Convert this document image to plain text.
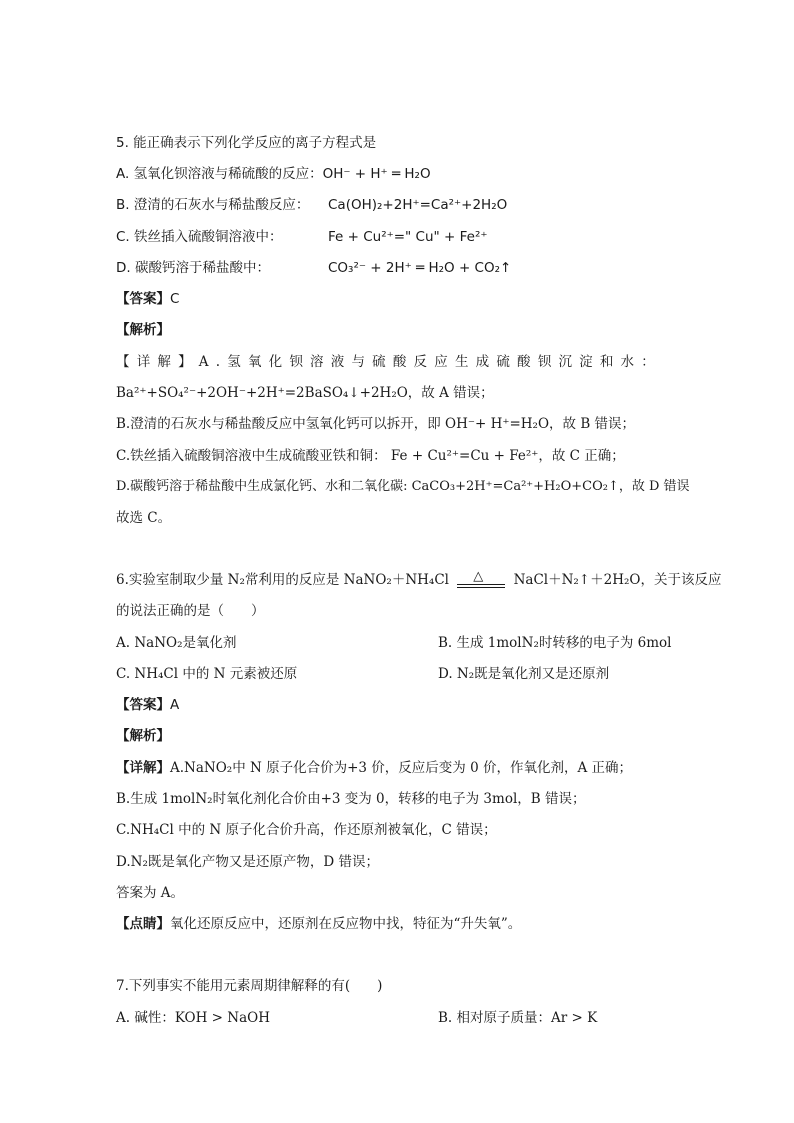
5. 能正确表示下列化学反应的离子方程式是
A. 氢氧化钡溶液与稀硫酸的反应：OH⁻ + H⁺ ═ H₂O
B. 澄清的石灰水与稀盐酸反应： Ca(OH)₂+2H⁺=Ca²⁺+2H₂O
C. 铁丝插入硫酸铜溶液中：	Fe + Cu²⁺=" Cu" + Fe²⁺
D. 碳酸钙溶于稀盐酸中：	CO₃²⁻ + 2H⁺ ═ H₂O + CO₂↑
【答案】C
【解析】
【详解】A.氢氧化钡溶液与硫酸反应生成硫酸钡沉淀和水：
Ba²⁺+SO₄²⁻+2OH⁻+2H⁺=2BaSO₄↓+2H₂O，故 A 错误；
B.澄清的石灰水与稀盐酸反应中氢氧化钙可以拆开，即 OH⁻+ H⁺=H₂O，故 B 错误；
C.铁丝插入硫酸铜溶液中生成硫酸亚铁和铜： Fe + Cu²⁺=Cu + Fe²⁺，故 C 正确；
D.碳酸钙溶于稀盐酸中生成氯化钙、水和二氧化碳: CaCO₃+2H⁺=Ca²⁺+H₂O+CO₂↑，故 D 错误
故选 C。
6.实验室制取少量 N₂常利用的反应是 NaNO₂＋NH₄Cl △ NaCl＋N₂↑＋2H₂O，关于该反应
的说法正确的是（　　）
A. NaNO₂是氧化剂	B. 生成 1molN₂时转移的电子为 6mol
C. NH₄Cl 中的 N 元素被还原	D. N₂既是氧化剂又是还原剂
【答案】A
【解析】
【详解】A.NaNO₂中 N 原子化合价为+3 价，反应后变为 0 价，作氧化剂，A 正确；
B.生成 1molN₂时氧化剂化合价由+3 变为 0，转移的电子为 3mol，B 错误；
C.NH₄Cl 中的 N 原子化合价升高，作还原剂被氧化，C 错误；
D.N₂既是氧化产物又是还原产物，D 错误；
答案为 A。
【点睛】氧化还原反应中，还原剂在反应物中找，特征为“升失氧”。
7.下列事实不能用元素周期律解释的有(　　)
A. 碱性：KOH > NaOH	B. 相对原子质量：Ar > K
